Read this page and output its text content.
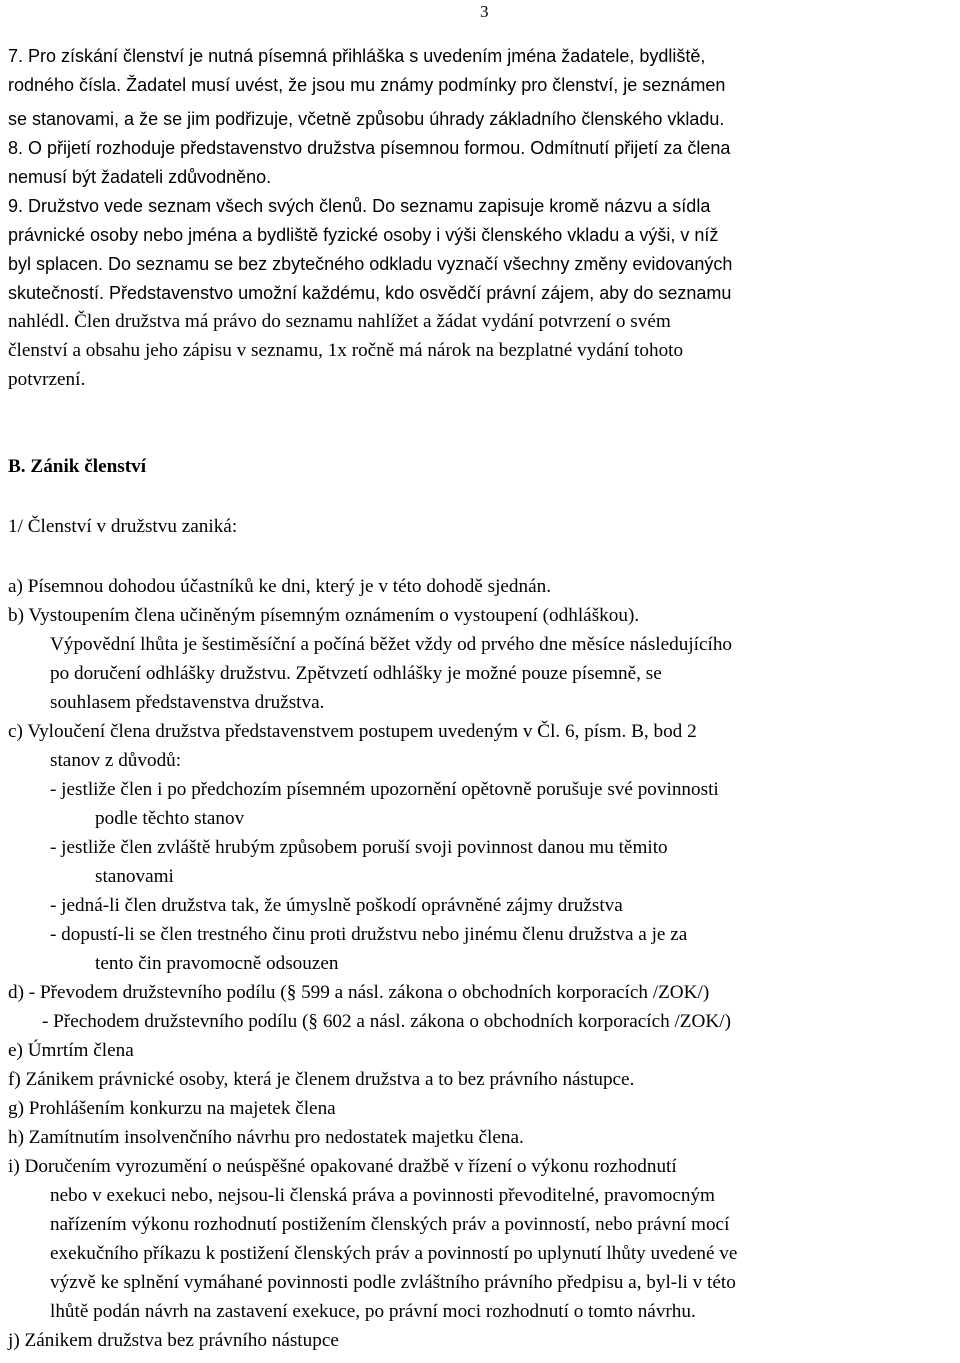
3
7. Pro získání členství je nutná písemná přihláška s uvedením jména žadatele, bydliště,
rodného čísla. Žadatel musí uvést, že jsou mu známy podmínky pro členství, je seznámen
se stanovami, a že se jim podřizuje, včetně způsobu úhrady základního členského vkladu.
8. O přijetí rozhoduje představenstvo družstva písemnou formou. Odmítnutí přijetí za člena
nemusí být žadateli zdůvodněno.
9. Družstvo vede seznam všech svých členů. Do seznamu zapisuje kromě názvu a sídla
právnické osoby nebo jména a bydliště fyzické osoby i výši členského vkladu a výši, v níž
byl splacen. Do seznamu se bez zbytečného odkladu vyznačí všechny změny evidovaných
skutečností. Představenstvo umožní každému, kdo osvědčí právní zájem, aby do seznamu
nahlédl. Člen družstva má právo do seznamu nahlížet a žádat vydání potvrzení o svém
členství a obsahu jeho zápisu v seznamu, 1x ročně má nárok na bezplatné vydání tohoto
potvrzení.
B. Zánik členství
1/ Členství v družstvu zaniká:
a) Písemnou dohodou účastníků ke dni, který je v této dohodě sjednán.
b) Vystoupením člena učiněným písemným oznámením o vystoupení (odhláškou).
Výpovědní lhůta je šestiměsíční a počíná běžet vždy od prvého dne měsíce následujícího
po doručení odhlášky družstvu. Zpětvzetí odhlášky je možné pouze písemně, se
souhlasem představenstva družstva.
c) Vyloučení člena družstva představenstvem postupem uvedeným v Čl. 6, písm. B, bod 2
stanov z důvodů:
- jestliže člen i po předchozím písemném upozornění opětovně porušuje své povinnosti
podle těchto stanov
- jestliže člen zvláště hrubým způsobem poruší svoji povinnost danou mu těmito
stanovami
- jedná-li člen družstva tak, že úmyslně poškodí oprávněné zájmy družstva
- dopustí-li se člen trestného činu proti družstvu nebo jinému členu družstva a je za
tento čin pravomocně odsouzen
d) - Převodem družstevního podílu (§ 599 a násl. zákona o obchodních korporacích /ZOK/)
- Přechodem družstevního podílu (§ 602 a násl. zákona o obchodních korporacích /ZOK/)
e) Úmrtím člena
f) Zánikem právnické osoby, která je členem družstva a to bez právního nástupce.
g) Prohlášením konkurzu na majetek člena
h) Zamítnutím insolvenčního návrhu pro nedostatek majetku člena.
i) Doručením vyrozumění o neúspěšné opakované dražbě v řízení o výkonu rozhodnutí
nebo v exekuci nebo, nejsou-li členská práva a povinnosti převoditelné, pravomocným
nařízením výkonu rozhodnutí postižením členských práv a povinností, nebo právní mocí
exekučního příkazu k postižení členských práv a povinností po uplynutí lhůty uvedené ve
výzvě ke splnění vymáhané povinnosti podle zvláštního právního předpisu a, byl-li v této
lhůtě podán návrh na zastavení exekuce, po právní moci rozhodnutí o tomto návrhu.
j) Zánikem družstva bez právního nástupce
